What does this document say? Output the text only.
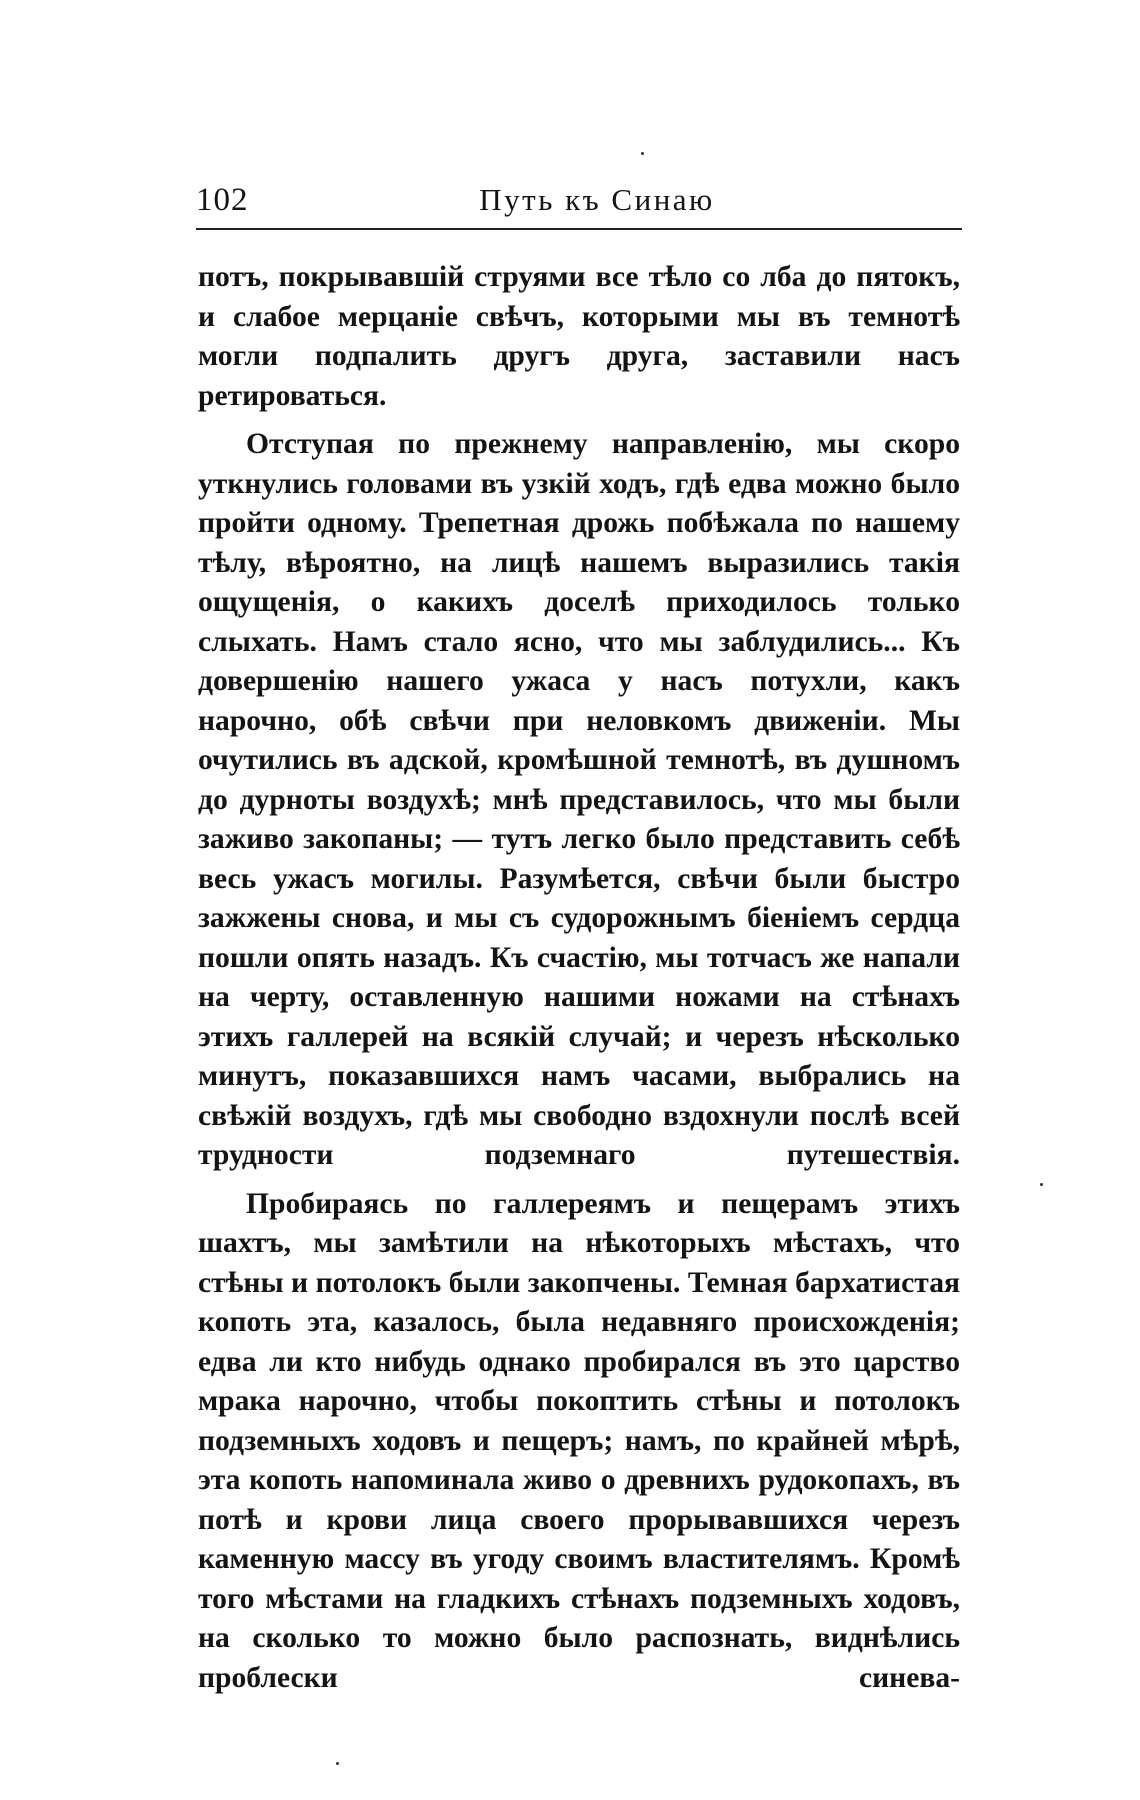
102	Путь къ Синаю

потъ, покрывавшій струями все тѣло со лба до пятокъ, и слабое мерцаніе свѣчъ, которыми мы въ темнотѣ могли подпалить другъ друга, заставили насъ ретироваться.

Отступая по прежнему направленію, мы скоро уткнулись головами въ узкій ходъ, гдѣ едва можно было пройти одному. Трепетная дрожь побѣжала по нашему тѣлу, вѣроятно, на лицѣ нашемъ выразились такія ощущенія, о какихъ доселѣ приходилось только слыхать. Намъ стало ясно, что мы заблудились... Къ довершенію нашего ужаса у насъ потухли, какъ нарочно, обѣ свѣчи при неловкомъ движеніи. Мы очутились въ адской, кромѣшной темнотѣ, въ душномъ до дурноты воздухѣ; мнѣ представилось, что мы были заживо закопаны; — тутъ легко было представить себѣ весь ужасъ могилы. Разумѣется, свѣчи были быстро зажжены снова, и мы съ судорожнымъ біеніемъ сердца пошли опять назадъ. Къ счастію, мы тотчасъ же напали на черту, оставленную нашими ножами на стѣнахъ этихъ галлерей на всякій случай; и черезъ нѣсколько минутъ, показавшихся намъ часами, выбрались на свѣжій воздухъ, гдѣ мы свободно вздохнули послѣ всей трудности подземнаго путешествія.

Пробираясь по галлереямъ и пещерамъ этихъ шахтъ, мы замѣтили на нѣкоторыхъ мѣстахъ, что стѣны и потолокъ были закопчены. Темная бархатистая копоть эта, казалось, была недавняго происхожденія; едва ли кто нибудь однако пробирался въ это царство мрака нарочно, чтобы покоптить стѣны и потолокъ подземныхъ ходовъ и пещеръ; намъ, по крайней мѣрѣ, эта копоть напоминала живо о древнихъ рудокопахъ, въ потѣ и крови лица своего прорывавшихся черезъ каменную массу въ угоду своимъ властителямъ. Кромѣ того мѣстами на гладкихъ стѣнахъ подземныхъ ходовъ, на сколько то можно было распознать, виднѣлись проблески синева-
